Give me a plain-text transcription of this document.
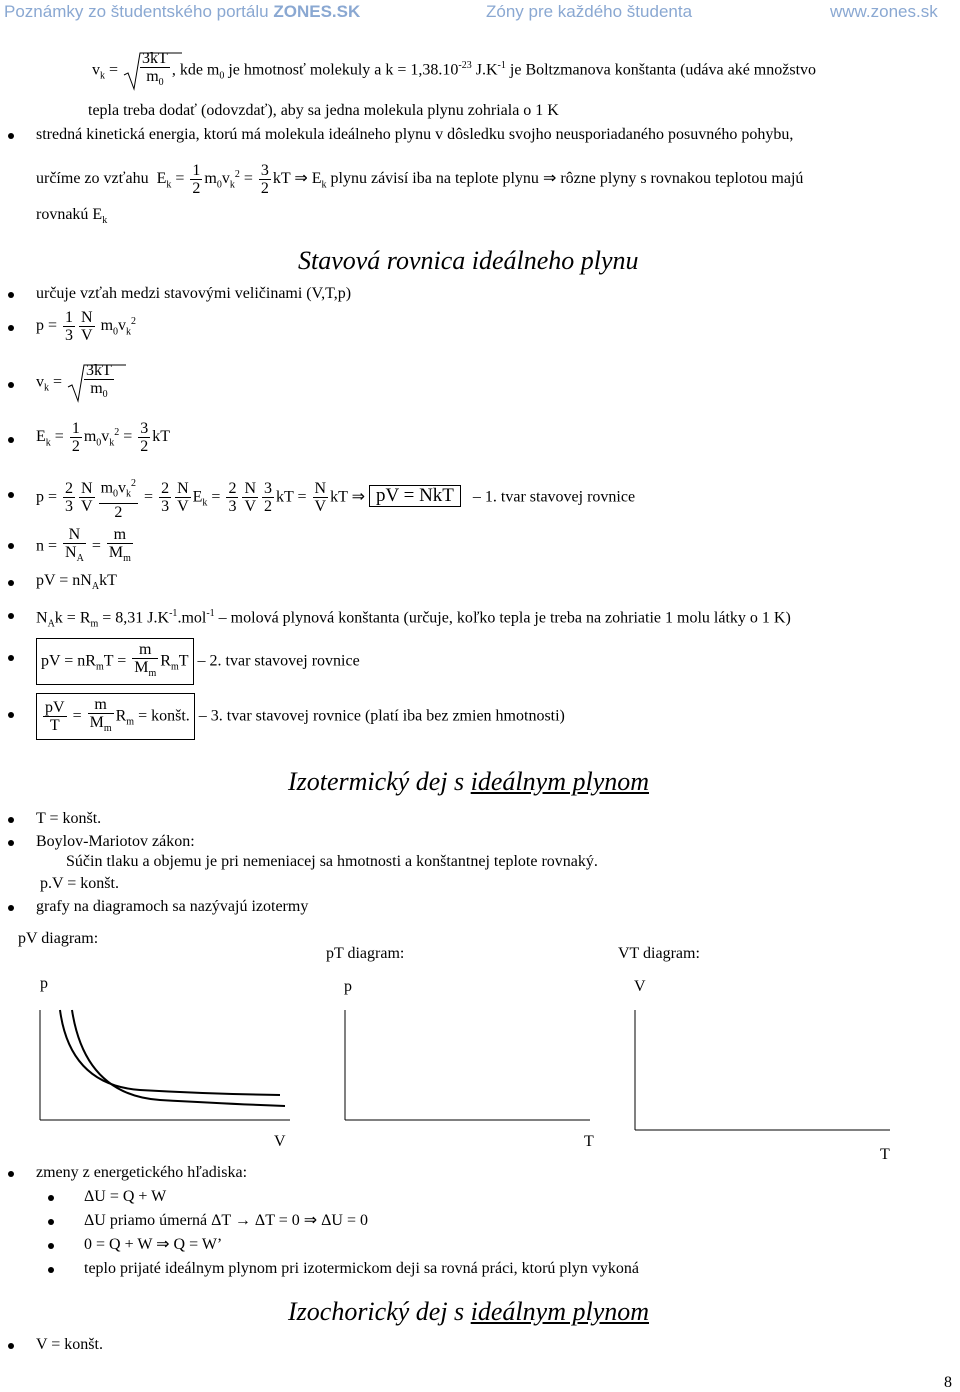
Poznámky zo študentského portálu ZONES.SK	Zóny pre každého študenta	www.zones.sk
$v_k = \frac{3kT}{m_0}$ , kde $m_0$ je hmotnosť molekuly a $k = 1,38.10^{-23}$ $J.K^{-1}$ je Boltzmanova konštanta (udáva aké množstvo
tepla treba dodať (odovzdať), aby sa jedna molekula plynu zohriala o 1 K
stredná kinetická energia, ktorú má molekula ideálneho plynu v dôsledku svojho neusporiadaného posuvného pohybu,
určíme zo vzťahu  $E_k = \frac{1}{2} m_0v_k^2 = \frac{3}{2}$ kT ⇒ $E_k$ plynu závisí iba na teplote plynu ⇒ rôzne plyny s rovnakou teplotou majú
rovnakú $E_k$
Stavová rovnica ideálneho plynu
určuje vzťah medzi stavovými veličinami (V,T,p)
$p = \frac{1}{3} \frac{N}{V} m_0v_k^2$
$v_k = \frac{3kT}{m_0}$
$E_k = \frac{1}{2} m_0v_k^2 = \frac{3}{2}$ kT
$p = \frac{2}{3} \frac{N}{V} \frac{m_0v_k^2}{2} = \frac{2}{3} \frac{N}{V} E_k = \frac{2}{3} \frac{N}{V} \frac{3}{2}$ kT = $\frac{N}{V}$ kT ⇒ pV = NkT   – 1. tvar stavovej rovnice
$n = \frac{N}{N_A} = \frac{m}{M_m}$
pV = $nN_AkT$
$N_Ak = R_m = 8,31$ $J.K^{-1}.mol^{-1}$ – molová plynová konštanta (určuje, koľko tepla je treba na zohriatie 1 molu látky o 1 K)
pV = $nR_mT = \frac{m}{M_m} R_mT - 2$. tvar stavovej rovnice
$\frac{pV}{T} = \frac{m}{M_m} R_m$ = konšt. – 3. tvar stavovej rovnice (platí iba bez zmien hmotnosti)
Izotermický dej s ideálnym plynom
T = konšt.
Boylov-Mariotov zákon:
Súčin tlaku a objemu je pri nemeniacej sa hmotnosti a konštantnej teplote rovnaký.
p.V = konšt.
grafy na diagramoch sa nazývajú izotermy
pV diagram:
pT diagram:	VT diagram:
p	p	V
V	T
T
zmeny z energetického hľadiska:
ΔU = Q + W
ΔU priamo úmerná ΔT → ΔT = 0 ⇒ ΔU = 0
0 = Q + W ⇒ Q = W’
teplo prijaté ideálnym plynom pri izotermickom deji sa rovná práci, ktorú plyn vykoná
Izochorický dej s ideálnym plynom
V = konšt.
8
